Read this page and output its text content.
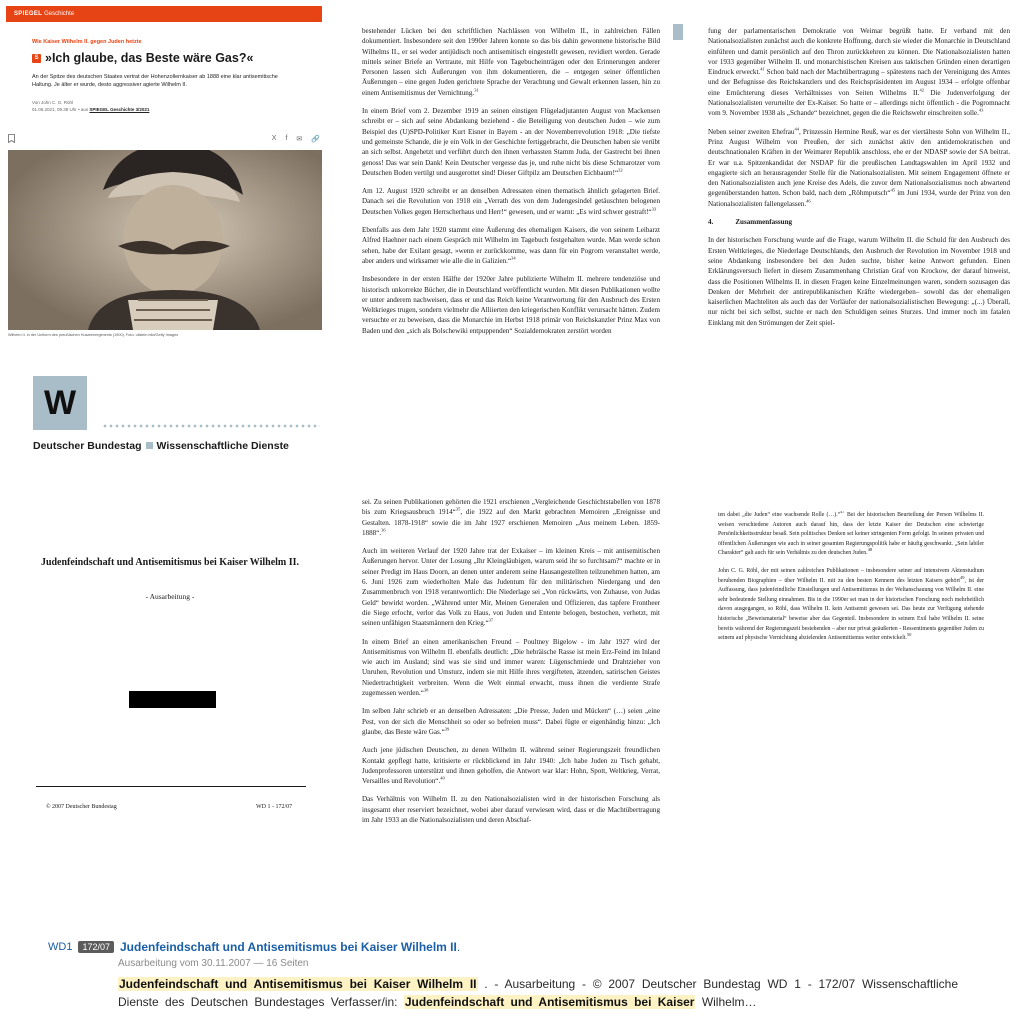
SPIEGEL Geschichte
Wie Kaiser Wilhelm II. gegen Juden hetzte
S »Ich glaube, das Beste wäre Gas?«
An der Spitze des deutschen Staates vertrat der Hohenzollernkaiser ab 1888 eine klar antisemitische Haltung. Je älter er wurde, desto aggressiver agierte Wilhelm II.
Von John C. G. Röhl
01.06.2021, 09.38 Uhr • aus SPIEGEL Geschichte 3/2021
X f ✉ 🔗
Wilhelm II. in der Uniform des preußischen Husarenregiments (1900). Foto: ullstein bild/Getty Images
W
Deutscher Bundestag Wissenschaftliche Dienste
Judenfeindschaft und Antisemitismus bei Kaiser Wilhelm II.
- Ausarbeitung -
© 2007 Deutscher Bundestag	WD 1 - 172/07

bestehender Lücken bei den schriftlichen Nachlässen von Wilhelm II., in zahlreichen Fällen dokumentiert. Insbesondere seit den 1990er Jahren konnte so das bis dahin gewonnene historische Bild Wilhelms II., er sei weder antijüdisch noch antisemitisch eingestellt gewesen, revidiert werden. Gerade mittels seiner Briefe an Vertraute, mit Hilfe von Tagebucheinträgen oder den Erinnerungen anderer Personen lassen sich Äußerungen von ihm dokumentieren, die – entgegen seiner öffentlichen Äußerungen – eine gegen Juden gerichtete Sprache der Verachtung und Gewalt erkennen lassen, hin zu einem Antisemitismus der Vernichtung.$^{31}$

In einem Brief vom 2. Dezember 1919 an seinen einstigen Flügeladjutanten August von Mackensen schreibt er – sich auf seine Abdankung beziehend - die Beteiligung von deutschen Juden – wie zum Beispiel des (U)SPD-Politiker Kurt Eisner in Bayern - an der Novemberrevolution 1918: „Die tiefste und gemeinste Schande, die je ein Volk in der Geschichte fertiggebracht, die Deutschen haben sie verübt an sich selbst. Angehetzt und verführt durch den ihnen verhassten Stamm Juda, der Gastrecht bei ihnen genoss! Das war sein Dank! Kein Deutscher vergesse das je, und ruhe nicht bis diese Schmarotzer vom Deutschen Boden vertilgt und ausgerottet sind! Dieser Giftpilz am Deutschen Eichbaum!“$^{32}$

Am 12. August 1920 schreibt er an denselben Adressaten einen thematisch ähnlich gelagerten Brief. Danach sei die Revolution von 1918 ein „Verrath des von dem Judengesindel getäuschten belogenen Deutschen Volkes gegen Herrscherhaus und Herr!“ gewesen, und er warnt: „Es wird schwer gestraft!“$^{33}$

Ebenfalls aus dem Jahr 1920 stammt eine Äußerung des ehemaligen Kaisers, die von seinem Leibarzt Alfred Haehner nach einem Gespräch mit Wilhelm im Tagebuch festgehalten wurde. Man werde schon sehen, habe der Exilant gesagt, »wenn er zurückkomme, was dann für ein Pogrom veranstaltet werde, aber anders und wirksamer wie alle die in Galizien.“$^{34}$

Insbesondere in der ersten Hälfte der 1920er Jahre publizierte Wilhelm II. mehrere tendenziöse und historisch unkorrekte Bücher, die in Deutschland veröffentlicht wurden. Mit diesen Publikationen wollte er unter anderem nachweisen, dass er und das Reich keine Verantwortung für den Ausbruch des Ersten Weltkrieges trugen, sondern vielmehr die Alliierten den kriegerischen Konflikt verursacht hätten. Zudem versuchte er zu beweisen, dass die Monarchie im Herbst 1918 primär von Reichskanzler Prinz Max von Baden und den „sich als Bolschewiki entpuppenden“ Sozialdemokraten zerstört worden

fung der parlamentarischen Demokratie von Weimar begrüßt hatte. Er verband mit den Nationalsozialisten zunächst auch die konkrete Hoffnung, durch sie wieder die Monarchie in Deutschland einführen und damit persönlich auf den Thron zurückkehren zu können. Die Nationalsozialisten hatten vor 1933 gegenüber Wilhelm II. und monarchistischen Kreisen aus taktischen Gründen einen derartigen Eindruck erweckt.$^{41}$ Schon bald nach der Machtübertragung – spätestens nach der Vereinigung des Amtes und der Befugnisse des Reichskanzlers und des Reichspräsidenten im August 1934 – erfolgte offenbar eine Ernüchterung dieses Verhältnisses von Seiten Wilhelms II.$^{42}$ Die Judenverfolgung der Nationalsozialisten verurteilte der Ex-Kaiser. So hatte er – allerdings nicht öffentlich - die Pogromnacht vom 9. November 1938 als „Schande“ bezeichnet, gegen die die Reichswehr einschreiten solle.$^{43}$

Neben seiner zweiten Ehefrau$^{44}$, Prinzessin Hermine Reuß, war es der viertälteste Sohn von Wilhelm II., Prinz August Wilhelm von Preußen, der sich zunächst aktiv den antidemokratischen und deutschnationalen Kräften in der Weimarer Republik anschloss, ehe er der NDASP sowie der SA beitrat. Er war u.a. Spitzenkandidat der NSDAP für die preußischen Landtagswahlen im April 1932 und engagierte sich an herausragender Stelle für die Nationalsozialisten. Mit seinem Engagement öffnete er den Nationalsozialisten auch jene Kreise des Adels, die zuvor dem Nationalsozialismus noch abwartend gegenüberstanden hatten. Schon bald, nach dem „Röhmputsch“$^{45}$ im Juni 1934, wurde der Prinz von den Nationalsozialisten fallengelassen.$^{46}$

4.	Zusammenfassung

In der historischen Forschung wurde auf die Frage, warum Wilhelm II. die Schuld für den Ausbruch des Ersten Weltkrieges, die Niederlage Deutschlands, den Ausbruch der Revolution im November 1918 und seine Abdankung insbesondere bei den Juden suchte, bisher keine Antwort gefunden. Einen Erklärungsversuch liefert in diesem Zusammenhang Christian Graf von Krockow, der darauf hinweist, dass die Positionen Wilhelms II. in diesen Fragen keine Einzelmeinungen waren, sondern sozusagen das Denken der Mehrheit der antirepublikanischen Kräfte wiedergeben– sowohl das der ehemaligen kaiserlichen Machteliten als auch das der Vorläufer der nationalsozialistischen Bewegung: „(...) Überall, nur nicht bei sich selbst, suchte er nach den Schuldigen seines Sturzes. Und immer noch im fatalen Einklang mit den Strömungen der Zeit spiel-

sei. Zu seinen Publikationen gehörten die 1921 erschienen „Vergleichende Geschichtstabellen von 1878 bis zum Kriegsausbruch 1914“$^{35}$, die 1922 auf den Markt gebrachten Memoiren „Ereignisse und Gestalten. 1878-1918“ sowie die im Jahr 1927 erschienen Memoiren „Aus meinem Leben. 1859-1888“.$^{36}$

Auch im weiteren Verlauf der 1920 Jahre trat der Exkaiser – im kleinen Kreis – mit antisemitischen Äußerungen hervor. Unter der Losung „Ihr Kleingläubigen, warum seid ihr so furchtsam?“ machte er in seiner Predigt im Haus Doorn, an denen unter anderem seine Hausangestellten teilzunehmen hatten, am 6. Juni 1926 zum wiederholten Male das Judentum für den militärischen Niedergang und den Zusammenbruch von 1918 verantwortlich: Die Niederlage sei „Von rückwärts, von Zuhause, von Judas Geld“ bewirkt worden. „Während unter Mir, Meinen Generalen und Offizieren, das tapfere Frontheer die Siege erfocht, verlor das Volk zu Haus, von Juden und Entente belogen, bestochen, verhetzt, mit seinen unfähigen Staatsmännern den Krieg.“$^{37}$

In einem Brief an einen amerikanischen Freund – Poultney Bigelow - im Jahr 1927 wird der Antisemitismus von Wilhelm II. ebenfalls deutlich: „Die hebräische Rasse ist mein Erz-Feind im Inland wie auch im Ausland; sind was sie sind und immer waren: Lügenschmiede und Drahtzieher von Unruhen, Revolution und Umsturz, indem sie mit Hilfe ihres vergifteten, ätzenden, satirischen Geistes Niedertrachtigkeit verbreiten. Wenn die Welt einmal erwacht, muss ihnen die verdiente Strafe zugemessen werden.“$^{38}$

Im selben Jahr schrieb er an denselben Adressaten: „Die Presse, Juden und Mücken“ (…) seien „eine Pest, von der sich die Menschheit so oder so befreien muss“. Dabei fügte er eigenhändig hinzu: „Ich glaube, das Beste wäre Gas.“$^{39}$

Auch jene jüdischen Deutschen, zu denen Wilhelm II. während seiner Regierungszeit freundlichen Kontakt gepflegt hatte, kritisierte er rückblickend im Jahr 1940: „Ich habe Juden zu Tisch gehabt, Judenprofessoren unterstützt und ihnen geholfen, die Antwort war klar: Hohn, Spott, Weltkrieg, Verrat, Versailles und Revolution“.$^{40}$

Das Verhältnis von Wilhelm II. zu den Nationalsozialisten wird in der historischen Forschung als insgesamt eher reserviert bezeichnet, wobei aber darauf verwiesen wird, dass er die Machtübertragung im Jahr 1933 an die Nationalsozialisten und deren Abschaf-

ten dabei „die Juden“ eine wachsende Rolle (…).“$^{47}$ Bei der historischen Beurteilung der Person Wilhelms II. weisen verschiedene Autoren auch darauf hin, dass der letzte Kaiser der Deutschen eine schwierige Persönlichkeitsstruktur besaß. Sein politisches Denken sei keiner stringenten Form gefolgt. In seinen privaten und öffentlichen Äußerungen wie auch in seiner gesamten Regierungspolitik habe er häufig geschwankt. „Sein labiler Charakter“ galt auch für sein Verhältnis zu den deutschen Juden.$^{48}$

John C. G. Röhl, der mit seinen zahlreichen Publikationen – insbesondere seiner auf intensivem Aktenstudium beruhenden Biographien – über Wilhelm II. mit zu den besten Kennern des letzten Kaisers gehört$^{49}$, ist der Auffassung, dass judenfeindliche Einstellungen und Antisemitismus in der Weltanschauung von Wilhelm II. eine sehr bedeutende Stellung einnahmen. Bis in die 1990er sei man in der historischen Forschung noch mehrheitlich davon ausgegangen, so Röhl, dass Wilhelm II. kein Antisemit gewesen sei. Das heute zur Verfügung stehende historische „Beweismaterial“ beweise aber das Gegenteil. Insbesondere in seinem Exil habe Wilhelm II. seine bereits während der Regierungszeit bestehenden – aber nur privat geäußerten - Ressentiments gegenüber Juden zu seinem auf physische Vernichtung abzielenden Antisemitismus weiter entwickelt.$^{50}$

WD1	172/07 Judenfeindschaft und Antisemitismus bei Kaiser Wilhelm II.
Ausarbeitung vom 30.11.2007 — 16 Seiten
Judenfeindschaft und Antisemitismus bei Kaiser Wilhelm II . - Ausarbeitung - © 2007 Deutscher Bundestag WD 1 - 172/07 Wissenschaftliche Dienste des Deutschen Bundestages Verfasser/in: Judenfeindschaft und Antisemitismus bei Kaiser Wilhelm…
